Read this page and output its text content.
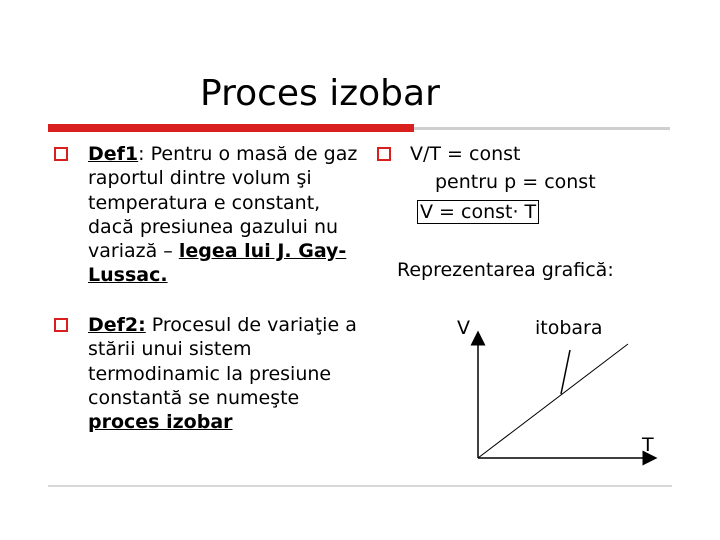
Proces izobar

Def1: Pentru o masă de gaz raportul dintre volum şi temperatura e constant, dacă presiunea gazului nu variază – legea lui J. Gay-Lussac.

Def2: Procesul de variaţie a stării unui sistem termodinamic la presiune constantă se numeşte proces izobar

V/T = const
pentru p = const
V = const· T
Reprezentarea grafică:
V	itobara
T
